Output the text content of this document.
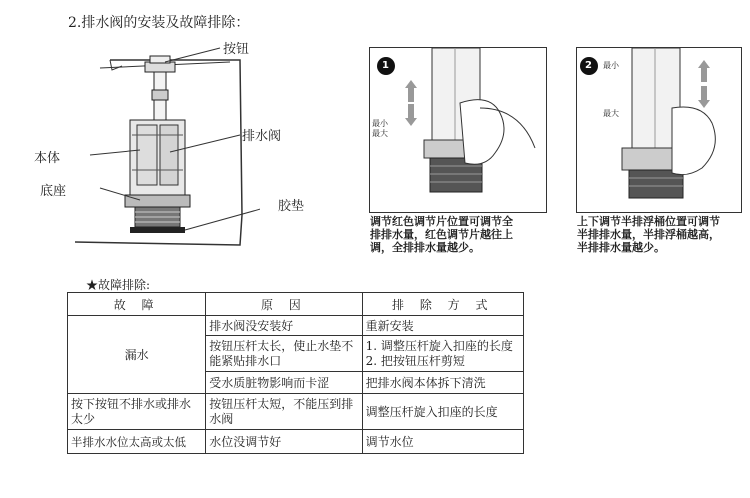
2.排水阀的安装及故障排除：
按钮
排水阀
本体
底座
胶垫
最小
最大
1
调节红色调节片位置可调节全
排排水量，红色调节片越往上
调，全排排水量越少。
最小
最大
2
上下调节半排浮桶位置可调节
半排排水量，半排浮桶越高，
半排排水量越少。
★故障排除:
故 障	原 因	排 除 方 式
漏水	排水阀没安装好	重新安装
	按钮压杆太长，使止水垫不能紧贴排水口	1. 调整压杆旋入扣座的长度
2. 把按钮压杆剪短
	受水质脏物影响而卡涩	把排水阀本体拆下清洗
按下按钮不排水或排水太少	按钮压杆太短，不能压到排水阀	调整压杆旋入扣座的长度
半排水水位太高或太低	水位没调节好	调节水位
